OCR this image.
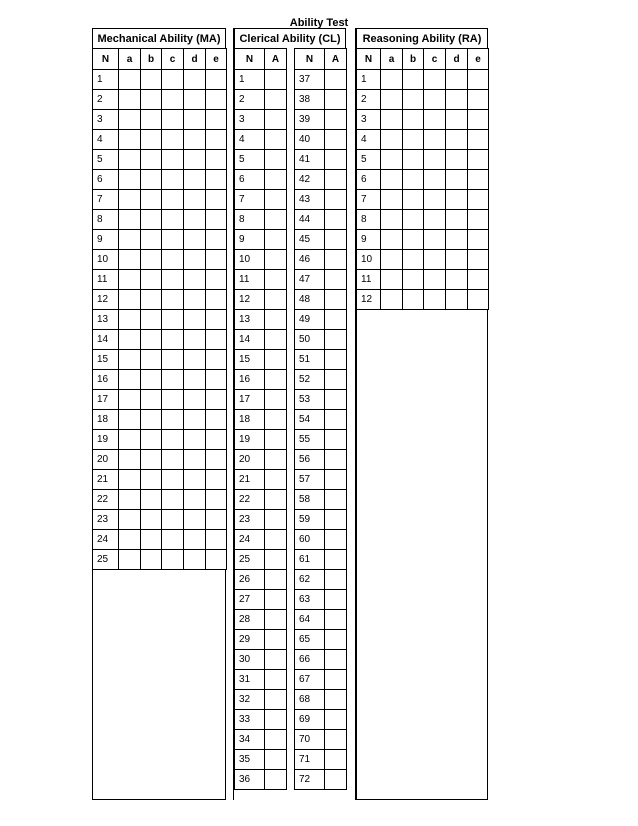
Ability Test
Mechanical Ability (MA)
N	a	b	c	d	e
1					
2					
3					
4					
5					
6					
7					
8					
9					
10					
11					
12					
13					
14					
15					
16					
17					
18					
19					
20					
21					
22					
23					
24					
25					
Clerical Ability (CL)
N	A		N	A
1			37	
2			38	
3			39	
4			40	
5			41	
6			42	
7			43	
8			44	
9			45	
10			46	
11			47	
12			48	
13			49	
14			50	
15			51	
16			52	
17			53	
18			54	
19			55	
20			56	
21			57	
22			58	
23			59	
24			60	
25			61	
26			62	
27			63	
28			64	
29			65	
30			66	
31			67	
32			68	
33			69	
34			70	
35			71	
36			72	
Reasoning Ability (RA)
N	a	b	c	d	e
1					
2					
3					
4					
5					
6					
7					
8					
9					
10					
11					
12					
